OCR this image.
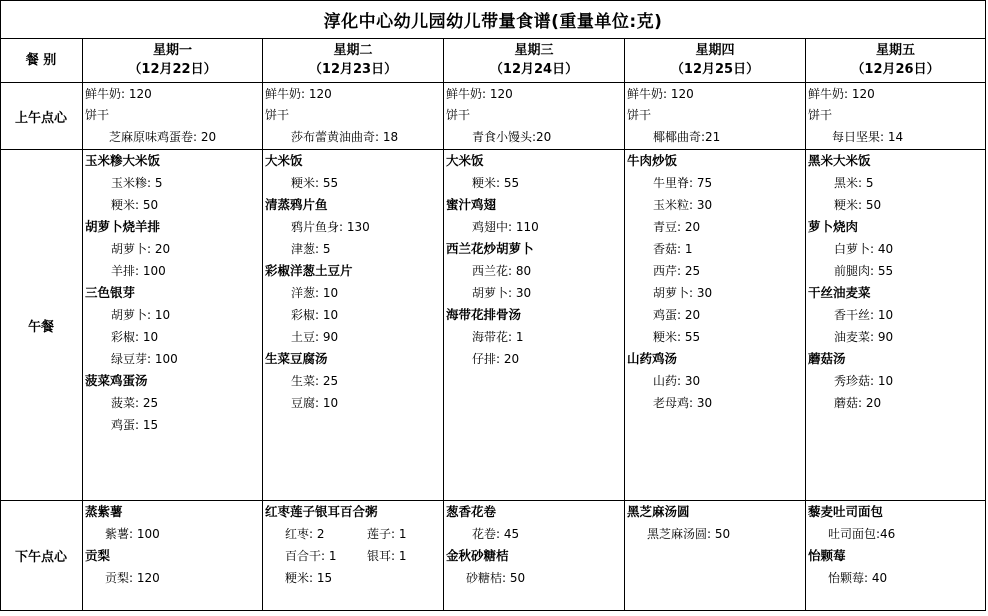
淳化中心幼儿园幼儿带量食谱(重量单位:克)
餐 别
星期一
（12月22日）
星期二
（12月23日）
星期三
（12月24日）
星期四
（12月25日）
星期五
（12月26日）
上午点心
午餐
下午点心
鲜牛奶: 120
饼干
芝麻原味鸡蛋卷: 20
鲜牛奶: 120
饼干
莎布蕾黄油曲奇: 18
鲜牛奶: 120
饼干
青食小馒头:20
鲜牛奶: 120
饼干
椰椰曲奇:21
鲜牛奶: 120
饼干
每日坚果: 14
玉米糁大米饭
玉米糁: 5
粳米: 50
胡萝卜烧羊排
胡萝卜: 20
羊排: 100
三色银芽
胡萝卜: 10
彩椒: 10
绿豆芽: 100
菠菜鸡蛋汤
菠菜: 25
鸡蛋: 15
大米饭
粳米: 55
清蒸鸦片鱼
鸦片鱼身: 130
津葱: 5
彩椒洋葱土豆片
洋葱: 10
彩椒: 10
土豆: 90
生菜豆腐汤
生菜: 25
豆腐: 10
大米饭
粳米: 55
蜜汁鸡翅
鸡翅中: 110
西兰花炒胡萝卜
西兰花: 80
胡萝卜: 30
海带花排骨汤
海带花: 1
仔排: 20
牛肉炒饭
牛里脊: 75
玉米粒: 30
青豆: 20
香菇: 1
西芹: 25
胡萝卜: 30
鸡蛋: 20
粳米: 55
山药鸡汤
山药: 30
老母鸡: 30
黑米大米饭
黑米: 5
粳米: 50
萝卜烧肉
白萝卜: 40
前腿肉: 55
干丝油麦菜
香干丝: 10
油麦菜: 90
蘑菇汤
秀珍菇: 10
蘑菇: 20
蒸紫薯
紫薯: 100
贡梨
贡梨: 120
红枣莲子银耳百合粥
红枣: 2	莲子: 1
百合干: 1	银耳: 1
粳米: 15
葱香花卷
花卷: 45
金秋砂糖桔
砂糖桔: 50
黑芝麻汤圆
黑芝麻汤圆: 50
藜麦吐司面包
吐司面包:46
怡颗莓
怡颗莓: 40
